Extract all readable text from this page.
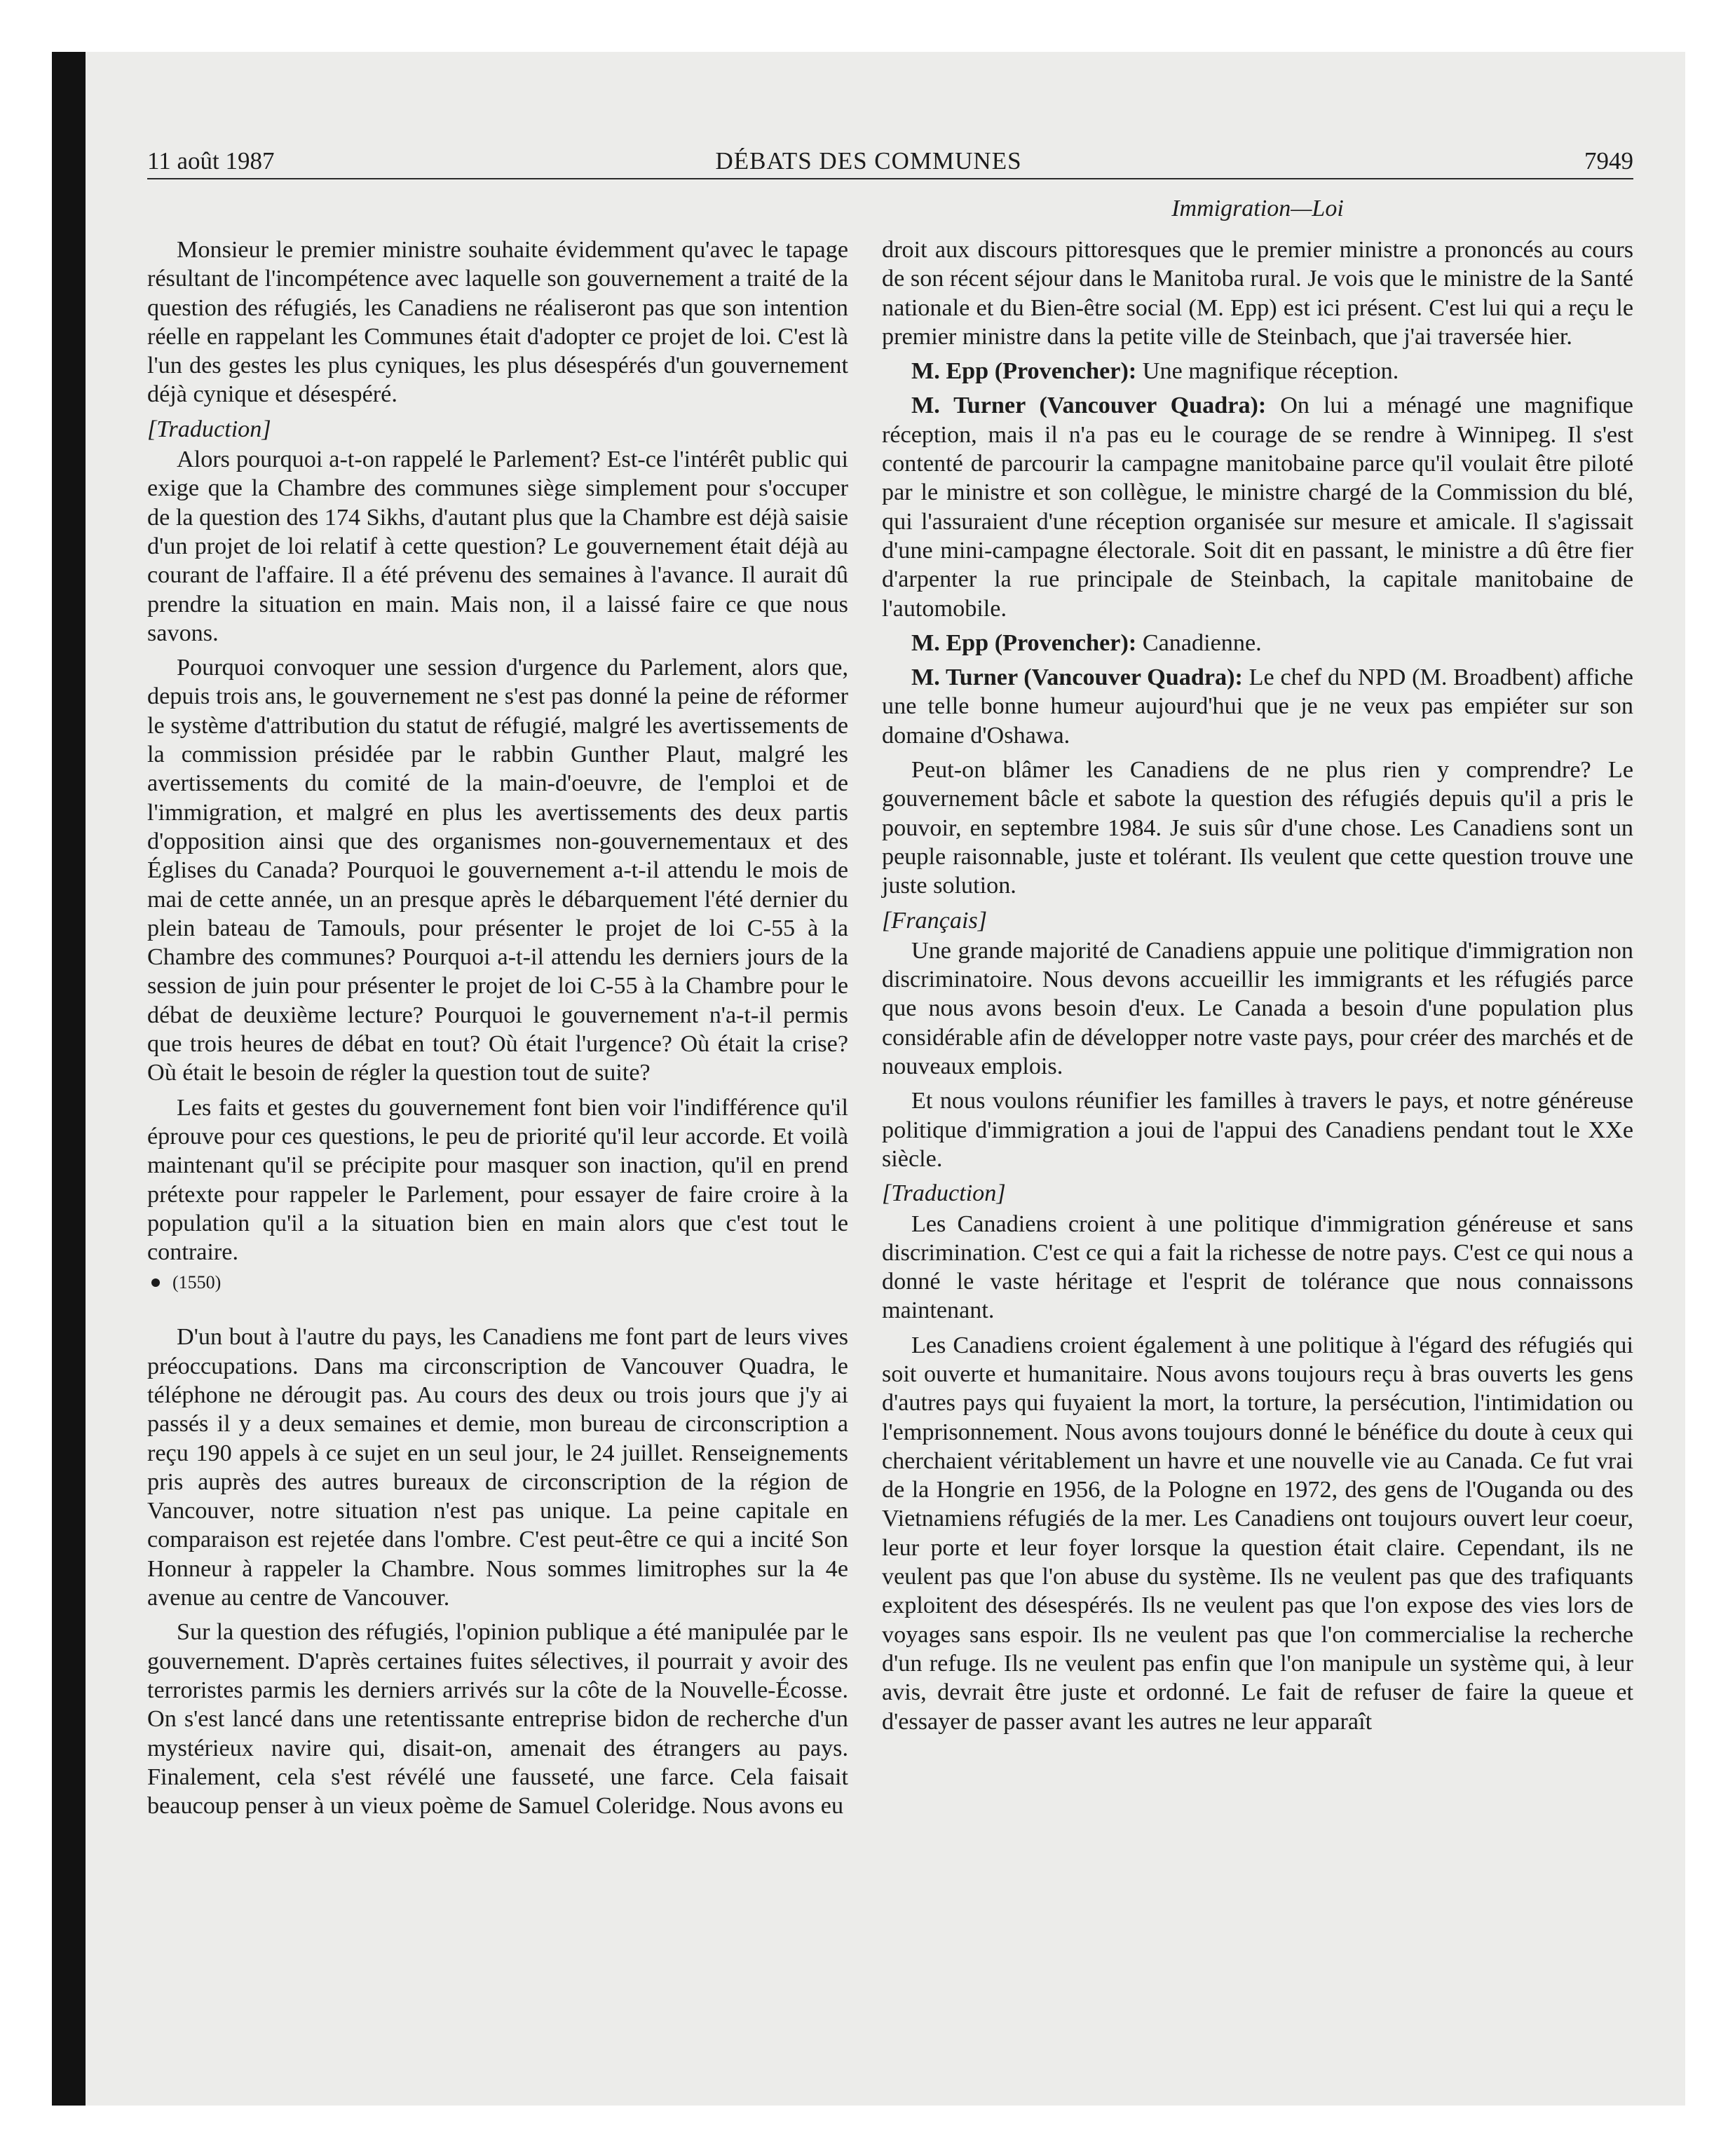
11 août 1987	DÉBATS DES COMMUNES	7949
Immigration—Loi

Monsieur le premier ministre souhaite évidemment qu'avec le tapage résultant de l'incompétence avec laquelle son gouvernement a traité de la question des réfugiés, les Canadiens ne réaliseront pas que son intention réelle en rappelant les Communes était d'adopter ce projet de loi. C'est là l'un des gestes les plus cyniques, les plus désespérés d'un gouvernement déjà cynique et désespéré.

[Traduction]

Alors pourquoi a-t-on rappelé le Parlement? Est-ce l'intérêt public qui exige que la Chambre des communes siège simplement pour s'occuper de la question des 174 Sikhs, d'autant plus que la Chambre est déjà saisie d'un projet de loi relatif à cette question? Le gouvernement était déjà au courant de l'affaire. Il a été prévenu des semaines à l'avance. Il aurait dû prendre la situation en main. Mais non, il a laissé faire ce que nous savons.

Pourquoi convoquer une session d'urgence du Parlement, alors que, depuis trois ans, le gouvernement ne s'est pas donné la peine de réformer le système d'attribution du statut de réfugié, malgré les avertissements de la commission présidée par le rabbin Gunther Plaut, malgré les avertissements du comité de la main-d'oeuvre, de l'emploi et de l'immigration, et malgré en plus les avertissements des deux partis d'opposition ainsi que des organismes non-gouvernementaux et des Églises du Canada? Pourquoi le gouvernement a-t-il attendu le mois de mai de cette année, un an presque après le débarquement l'été dernier du plein bateau de Tamouls, pour présenter le projet de loi C-55 à la Chambre des communes? Pourquoi a-t-il attendu les derniers jours de la session de juin pour présenter le projet de loi C-55 à la Chambre pour le débat de deuxième lecture? Pourquoi le gouvernement n'a-t-il permis que trois heures de débat en tout? Où était l'urgence? Où était la crise? Où était le besoin de régler la question tout de suite?

Les faits et gestes du gouvernement font bien voir l'indifférence qu'il éprouve pour ces questions, le peu de priorité qu'il leur accorde. Et voilà maintenant qu'il se précipite pour masquer son inaction, qu'il en prend prétexte pour rappeler le Parlement, pour essayer de faire croire à la population qu'il a la situation bien en main alors que c'est tout le contraire.

(1550)

D'un bout à l'autre du pays, les Canadiens me font part de leurs vives préoccupations. Dans ma circonscription de Vancouver Quadra, le téléphone ne dérougit pas. Au cours des deux ou trois jours que j'y ai passés il y a deux semaines et demie, mon bureau de circonscription a reçu 190 appels à ce sujet en un seul jour, le 24 juillet. Renseignements pris auprès des autres bureaux de circonscription de la région de Vancouver, notre situation n'est pas unique. La peine capitale en comparaison est rejetée dans l'ombre. C'est peut-être ce qui a incité Son Honneur à rappeler la Chambre. Nous sommes limitrophes sur la 4e avenue au centre de Vancouver.

Sur la question des réfugiés, l'opinion publique a été manipulée par le gouvernement. D'après certaines fuites sélectives, il pourrait y avoir des terroristes parmis les derniers arrivés sur la côte de la Nouvelle-Écosse. On s'est lancé dans une retentissante entreprise bidon de recherche d'un mystérieux navire qui, disait-on, amenait des étrangers au pays. Finalement, cela s'est révélé une fausseté, une farce. Cela faisait beaucoup penser à un vieux poème de Samuel Coleridge. Nous avons eu

droit aux discours pittoresques que le premier ministre a prononcés au cours de son récent séjour dans le Manitoba rural. Je vois que le ministre de la Santé nationale et du Bien-être social (M. Epp) est ici présent. C'est lui qui a reçu le premier ministre dans la petite ville de Steinbach, que j'ai traversée hier.

M. Epp (Provencher): Une magnifique réception.

M. Turner (Vancouver Quadra): On lui a ménagé une magnifique réception, mais il n'a pas eu le courage de se rendre à Winnipeg. Il s'est contenté de parcourir la campagne manitobaine parce qu'il voulait être piloté par le ministre et son collègue, le ministre chargé de la Commission du blé, qui l'assuraient d'une réception organisée sur mesure et amicale. Il s'agissait d'une mini-campagne électorale. Soit dit en passant, le ministre a dû être fier d'arpenter la rue principale de Steinbach, la capitale manitobaine de l'automobile.

M. Epp (Provencher): Canadienne.

M. Turner (Vancouver Quadra): Le chef du NPD (M. Broadbent) affiche une telle bonne humeur aujourd'hui que je ne veux pas empiéter sur son domaine d'Oshawa.

Peut-on blâmer les Canadiens de ne plus rien y comprendre? Le gouvernement bâcle et sabote la question des réfugiés depuis qu'il a pris le pouvoir, en septembre 1984. Je suis sûr d'une chose. Les Canadiens sont un peuple raisonnable, juste et tolérant. Ils veulent que cette question trouve une juste solution.

[Français]

Une grande majorité de Canadiens appuie une politique d'immigration non discriminatoire. Nous devons accueillir les immigrants et les réfugiés parce que nous avons besoin d'eux. Le Canada a besoin d'une population plus considérable afin de développer notre vaste pays, pour créer des marchés et de nouveaux emplois.

Et nous voulons réunifier les familles à travers le pays, et notre généreuse politique d'immigration a joui de l'appui des Canadiens pendant tout le XXe siècle.

[Traduction]

Les Canadiens croient à une politique d'immigration généreuse et sans discrimination. C'est ce qui a fait la richesse de notre pays. C'est ce qui nous a donné le vaste héritage et l'esprit de tolérance que nous connaissons maintenant.

Les Canadiens croient également à une politique à l'égard des réfugiés qui soit ouverte et humanitaire. Nous avons toujours reçu à bras ouverts les gens d'autres pays qui fuyaient la mort, la torture, la persécution, l'intimidation ou l'emprisonnement. Nous avons toujours donné le bénéfice du doute à ceux qui cherchaient véritablement un havre et une nouvelle vie au Canada. Ce fut vrai de la Hongrie en 1956, de la Pologne en 1972, des gens de l'Ouganda ou des Vietnamiens réfugiés de la mer. Les Canadiens ont toujours ouvert leur coeur, leur porte et leur foyer lorsque la question était claire. Cependant, ils ne veulent pas que l'on abuse du système. Ils ne veulent pas que des trafiquants exploitent des désespérés. Ils ne veulent pas que l'on expose des vies lors de voyages sans espoir. Ils ne veulent pas que l'on commercialise la recherche d'un refuge. Ils ne veulent pas enfin que l'on manipule un système qui, à leur avis, devrait être juste et ordonné. Le fait de refuser de faire la queue et d'essayer de passer avant les autres ne leur apparaît
